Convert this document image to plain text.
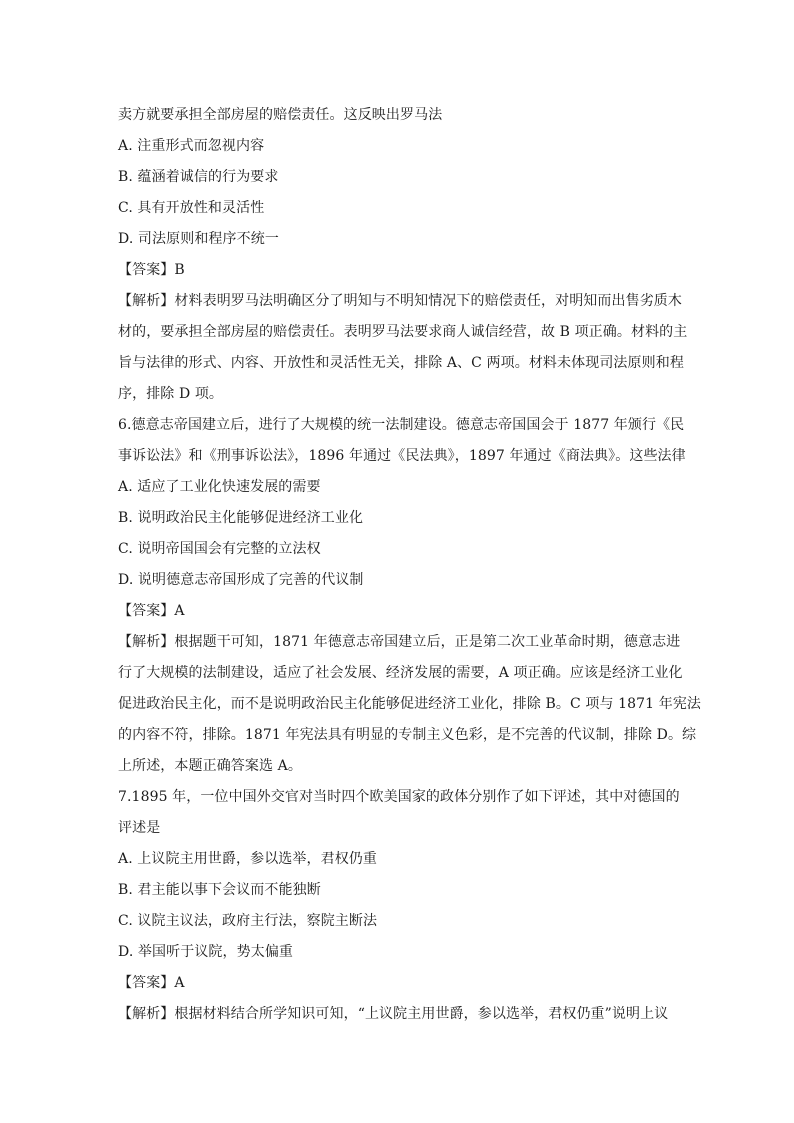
卖方就要承担全部房屋的赔偿责任。这反映出罗马法
A. 注重形式而忽视内容
B. 蕴涵着诚信的行为要求
C. 具有开放性和灵活性
D. 司法原则和程序不统一
【答案】B
【解析】材料表明罗马法明确区分了明知与不明知情况下的赔偿责任，对明知而出售劣质木
材的，要承担全部房屋的赔偿责任。表明罗马法要求商人诚信经营，故 B 项正确。材料的主
旨与法律的形式、内容、开放性和灵活性无关，排除 A、C 两项。材料未体现司法原则和程
序，排除 D 项。
6.德意志帝国建立后，进行了大规模的统一法制建设。德意志帝国国会于 1877 年颁行《民
事诉讼法》和《刑事诉讼法》，1896 年通过《民法典》，1897 年通过《商法典》。这些法律
A. 适应了工业化快速发展的需要
B. 说明政治民主化能够促进经济工业化
C. 说明帝国国会有完整的立法权
D. 说明德意志帝国形成了完善的代议制
【答案】A
【解析】根据题干可知，1871 年德意志帝国建立后，正是第二次工业革命时期，德意志进
行了大规模的法制建设，适应了社会发展、经济发展的需要，A 项正确。应该是经济工业化
促进政治民主化，而不是说明政治民主化能够促进经济工业化，排除 B。C 项与 1871 年宪法
的内容不符，排除。1871 年宪法具有明显的专制主义色彩，是不完善的代议制，排除 D。综
上所述，本题正确答案选 A。
7.1895 年，一位中国外交官对当时四个欧美国家的政体分别作了如下评述，其中对德国的
评述是
A. 上议院主用世爵，参以选举，君权仍重
B. 君主能以事下会议而不能独断
C. 议院主议法，政府主行法，察院主断法
D. 举国听于议院，势太偏重
【答案】A
【解析】根据材料结合所学知识可知，“上议院主用世爵，参以选举，君权仍重”说明上议
